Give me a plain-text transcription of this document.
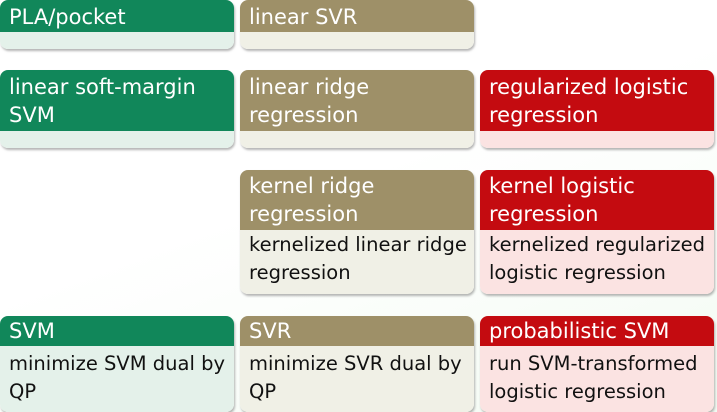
PLA/pocket	linear SVR
linear soft-margin
SVM
linear ridge
regression
regularized logistic
regression
kernel ridge
regression
kernelized linear ridge
regression
kernel logistic
regression
kernelized regularized
logistic regression
SVM
minimize SVM dual by
QP
SVR
minimize SVR dual by
QP
probabilistic SVM
run SVM-transformed
logistic regression
